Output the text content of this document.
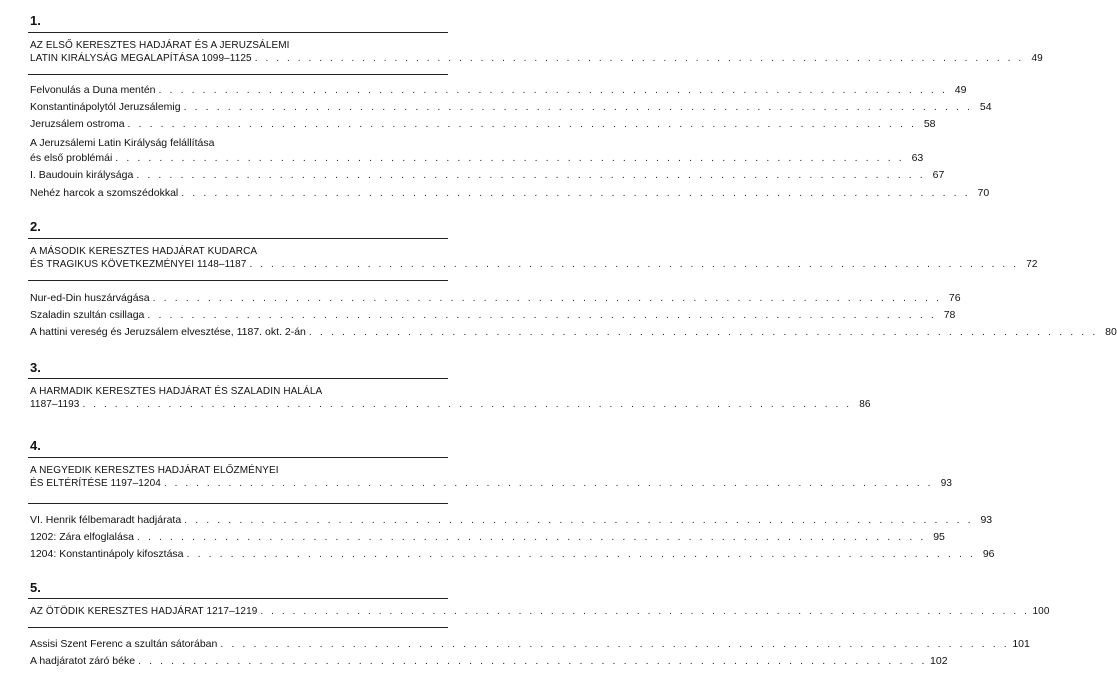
1.
AZ ELSŐ KERESZTES HADJÁRAT ÉS A JERUZSÁLEMI
LATIN KIRÁLYSÁG MEGALAPÍTÁSA 1099–1125 . . . . . . . . . . . . . . . . . . . . . . . . . . . . . . . . . . . . . . . . . . . . . . . . . . . . . . . . . . . . . . . . . . . . . . . . 49
Felvonulás a Duna mentén . . . . . . . . . . . . . . . . . . . . . . . . . . . . . . . . . . . . . . . . . . . . . . . . . . . . . . . . . . . . . . . . . . . . . . . . 49
Konstantinápolytól Jeruzsálemig . . . . . . . . . . . . . . . . . . . . . . . . . . . . . . . . . . . . . . . . . . . . . . . . . . . . . . . . . . . . . . . . . . . . . . . . 54
Jeruzsálem ostroma . . . . . . . . . . . . . . . . . . . . . . . . . . . . . . . . . . . . . . . . . . . . . . . . . . . . . . . . . . . . . . . . . . . . . . . . 58
A Jeruzsálemi Latin Királyság felállítása
és első problémái . . . . . . . . . . . . . . . . . . . . . . . . . . . . . . . . . . . . . . . . . . . . . . . . . . . . . . . . . . . . . . . . . . . . . . . . 63
I. Baudouin királysága . . . . . . . . . . . . . . . . . . . . . . . . . . . . . . . . . . . . . . . . . . . . . . . . . . . . . . . . . . . . . . . . . . . . . . . . 67
Nehéz harcok a szomszédokkal . . . . . . . . . . . . . . . . . . . . . . . . . . . . . . . . . . . . . . . . . . . . . . . . . . . . . . . . . . . . . . . . . . . . . . . . 70
2.
A MÁSODIK KERESZTES HADJÁRAT KUDARCA
ÉS TRAGIKUS KÖVETKEZMÉNYEI 1148–1187 . . . . . . . . . . . . . . . . . . . . . . . . . . . . . . . . . . . . . . . . . . . . . . . . . . . . . . . . . . . . . . . . . . . . . . . . 72
Nur-ed-Din huszárvágása . . . . . . . . . . . . . . . . . . . . . . . . . . . . . . . . . . . . . . . . . . . . . . . . . . . . . . . . . . . . . . . . . . . . . . . . 76
Szaladin szultán csillaga . . . . . . . . . . . . . . . . . . . . . . . . . . . . . . . . . . . . . . . . . . . . . . . . . . . . . . . . . . . . . . . . . . . . . . . . 78
A hattini vereség és Jeruzsálem elvesztése, 1187. okt. 2-án . . . . . . . . . . . . . . . . . . . . . . . . . . . . . . . . . . . . . . . . . . . . . . . . . . . . . . . . . . . . . . . . . . . . . . . . 80
3.
A HARMADIK KERESZTES HADJÁRAT ÉS SZALADIN HALÁLA
1187–1193 . . . . . . . . . . . . . . . . . . . . . . . . . . . . . . . . . . . . . . . . . . . . . . . . . . . . . . . . . . . . . . . . . . . . . . . . 86
4.
A NEGYEDIK KERESZTES HADJÁRAT ELŐZMÉNYEI
ÉS ELTÉRÍTÉSE 1197–1204 . . . . . . . . . . . . . . . . . . . . . . . . . . . . . . . . . . . . . . . . . . . . . . . . . . . . . . . . . . . . . . . . . . . . . . . . 93
VI. Henrik félbemaradt hadjárata . . . . . . . . . . . . . . . . . . . . . . . . . . . . . . . . . . . . . . . . . . . . . . . . . . . . . . . . . . . . . . . . . . . . . . . . 93
1202: Zára elfoglalása . . . . . . . . . . . . . . . . . . . . . . . . . . . . . . . . . . . . . . . . . . . . . . . . . . . . . . . . . . . . . . . . . . . . . . . . 95
1204: Konstantinápoly kifosztása . . . . . . . . . . . . . . . . . . . . . . . . . . . . . . . . . . . . . . . . . . . . . . . . . . . . . . . . . . . . . . . . . . . . . . . . 96
5.
AZ ÖTÖDIK KERESZTES HADJÁRAT 1217–1219 . . . . . . . . . . . . . . . . . . . . . . . . . . . . . . . . . . . . . . . . . . . . . . . . . . . . . . . . . . . . . . . . . . . . . . . . 100
Assisi Szent Ferenc a szultán sátorában . . . . . . . . . . . . . . . . . . . . . . . . . . . . . . . . . . . . . . . . . . . . . . . . . . . . . . . . . . . . . . . . . . . . . . . . 101
A hadjáratot záró béke . . . . . . . . . . . . . . . . . . . . . . . . . . . . . . . . . . . . . . . . . . . . . . . . . . . . . . . . . . . . . . . . . . . . . . . . 102
